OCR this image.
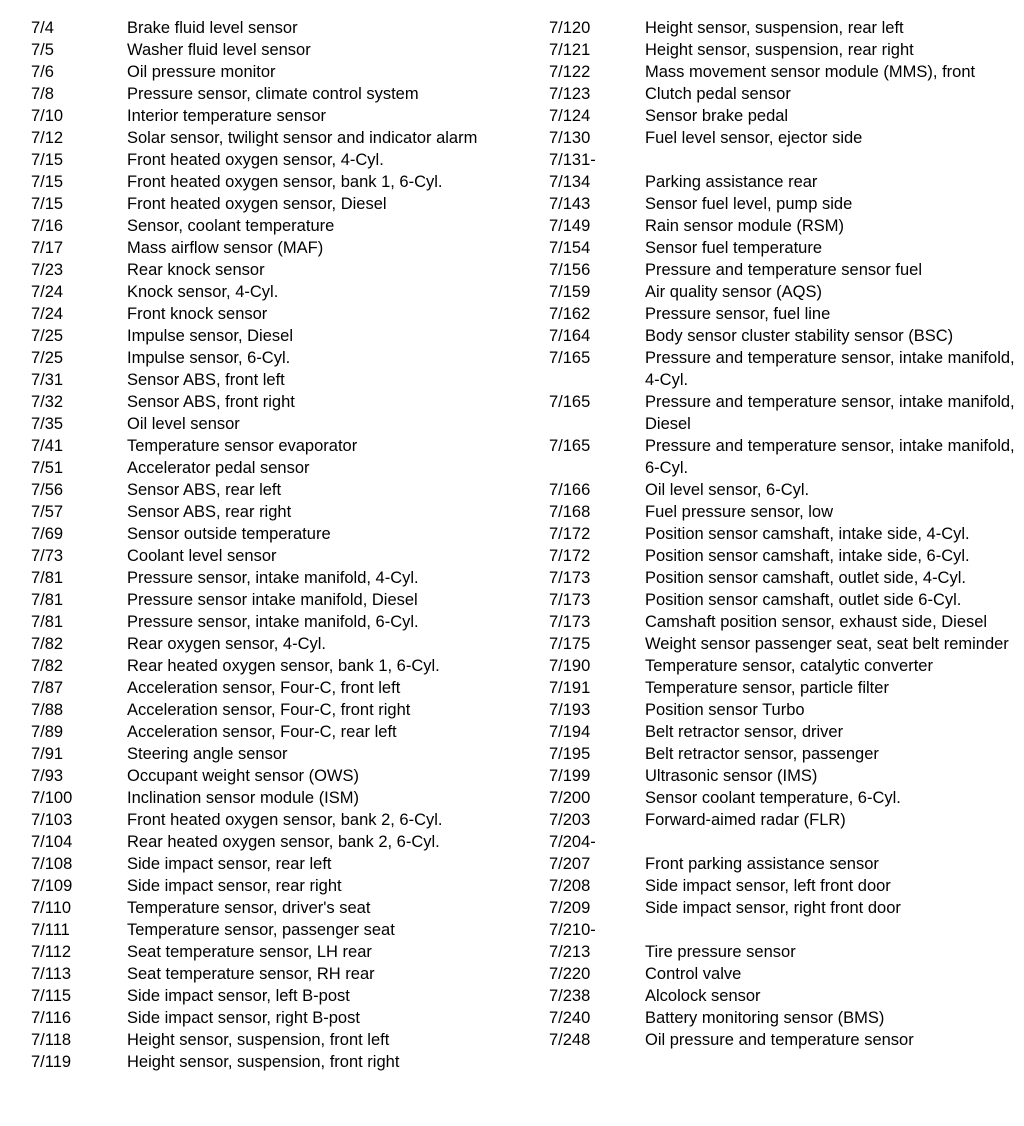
7/4	Brake fluid level sensor
7/5	Washer fluid level sensor
7/6	Oil pressure monitor
7/8	Pressure sensor, climate control system
7/10	Interior temperature sensor
7/12	Solar sensor, twilight sensor and indicator alarm
7/15	Front heated oxygen sensor, 4-Cyl.
7/15	Front heated oxygen sensor, bank 1, 6-Cyl.
7/15	Front heated oxygen sensor, Diesel
7/16	Sensor, coolant temperature
7/17	Mass airflow sensor (MAF)
7/23	Rear knock sensor
7/24	Knock sensor, 4-Cyl.
7/24	Front knock sensor
7/25	Impulse sensor, Diesel
7/25	Impulse sensor, 6-Cyl.
7/31	Sensor ABS, front left
7/32	Sensor ABS, front right
7/35	Oil level sensor
7/41	Temperature sensor evaporator
7/51	Accelerator pedal sensor
7/56	Sensor ABS, rear left
7/57	Sensor ABS, rear right
7/69	Sensor outside temperature
7/73	Coolant level sensor
7/81	Pressure sensor, intake manifold, 4-Cyl.
7/81	Pressure sensor intake manifold, Diesel
7/81	Pressure sensor, intake manifold, 6-Cyl.
7/82	Rear oxygen sensor, 4-Cyl.
7/82	Rear heated oxygen sensor, bank 1, 6-Cyl.
7/87	Acceleration sensor, Four-C, front left
7/88	Acceleration sensor, Four-C, front right
7/89	Acceleration sensor, Four-C, rear left
7/91	Steering angle sensor
7/93	Occupant weight sensor (OWS)
7/100	Inclination sensor module (ISM)
7/103	Front heated oxygen sensor, bank 2, 6-Cyl.
7/104	Rear heated oxygen sensor, bank 2, 6-Cyl.
7/108	Side impact sensor, rear left
7/109	Side impact sensor, rear right
7/110	Temperature sensor, driver's seat
7/111	Temperature sensor, passenger seat
7/112	Seat temperature sensor, LH rear
7/113	Seat temperature sensor, RH rear
7/115	Side impact sensor, left B-post
7/116	Side impact sensor, right B-post
7/118	Height sensor, suspension, front left
7/119	Height sensor, suspension, front right
7/120	Height sensor, suspension, rear left
7/121	Height sensor, suspension, rear right
7/122	Mass movement sensor module (MMS), front
7/123	Clutch pedal sensor
7/124	Sensor brake pedal
7/130	Fuel level sensor, ejector side
7/131-
7/134	Parking assistance rear
7/143	Sensor fuel level, pump side
7/149	Rain sensor module (RSM)
7/154	Sensor fuel temperature
7/156	Pressure and temperature sensor fuel
7/159	Air quality sensor (AQS)
7/162	Pressure sensor, fuel line
7/164	Body sensor cluster stability sensor (BSC)
7/165	Pressure and temperature sensor, intake manifold, 4-Cyl.
7/165	Pressure and temperature sensor, intake manifold, Diesel
7/165	Pressure and temperature sensor, intake manifold, 6-Cyl.
7/166	Oil level sensor, 6-Cyl.
7/168	Fuel pressure sensor, low
7/172	Position sensor camshaft, intake side, 4-Cyl.
7/172	Position sensor camshaft, intake side, 6-Cyl.
7/173	Position sensor camshaft, outlet side, 4-Cyl.
7/173	Position sensor camshaft, outlet side 6-Cyl.
7/173	Camshaft position sensor, exhaust side, Diesel
7/175	Weight sensor passenger seat, seat belt reminder
7/190	Temperature sensor, catalytic converter
7/191	Temperature sensor, particle filter
7/193	Position sensor Turbo
7/194	Belt retractor sensor, driver
7/195	Belt retractor sensor, passenger
7/199	Ultrasonic sensor (IMS)
7/200	Sensor coolant temperature, 6-Cyl.
7/203	Forward-aimed radar (FLR)
7/204-
7/207	Front parking assistance sensor
7/208	Side impact sensor, left front door
7/209	Side impact sensor, right front door
7/210-
7/213	Tire pressure sensor
7/220	Control valve
7/238	Alcolock sensor
7/240	Battery monitoring sensor (BMS)
7/248	Oil pressure and temperature sensor
